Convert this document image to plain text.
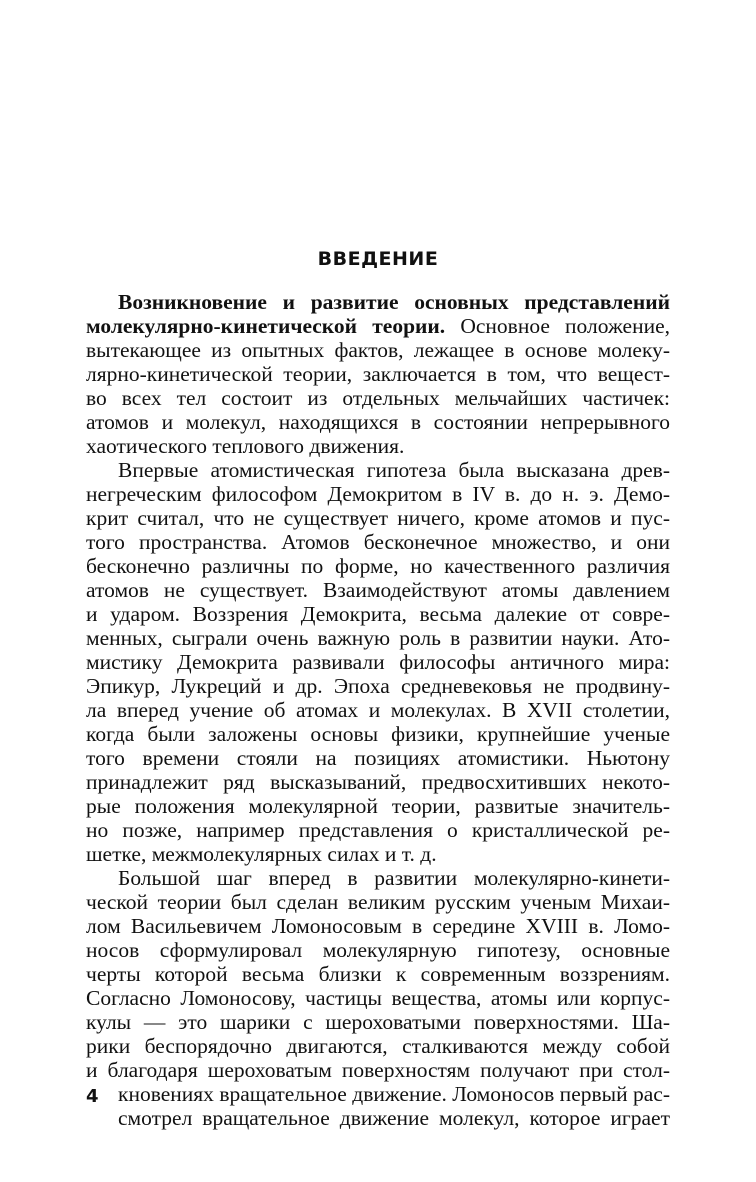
ВВЕДЕНИЕ
Возникновение и развитие основных представлений
молекулярно-кинетической теории. Основное положение,
вытекающее из опытных фактов, лежащее в основе молеку-
лярно-кинетической теории, заключается в том, что вещест-
во всех тел состоит из отдельных мельчайших частичек:
атомов и молекул, находящихся в состоянии непрерывного
хаотического теплового движения.
Впервые атомистическая гипотеза была высказана древ-
негреческим философом Демокритом в IV в. до н. э. Демо-
крит считал, что не существует ничего, кроме атомов и пус-
того пространства. Атомов бесконечное множество, и они
бесконечно различны по форме, но качественного различия
атомов не существует. Взаимодействуют атомы давлением
и ударом. Воззрения Демокрита, весьма далекие от совре-
менных, сыграли очень важную роль в развитии науки. Ато-
мистику Демокрита развивали философы античного мира:
Эпикур, Лукреций и др. Эпоха средневековья не продвину-
ла вперед учение об атомах и молекулах. В XVII столетии,
когда были заложены основы физики, крупнейшие ученые
того времени стояли на позициях атомистики. Ньютону
принадлежит ряд высказываний, предвосхитивших некото-
рые положения молекулярной теории, развитые значитель-
но позже, например представления о кристаллической ре-
шетке, межмолекулярных силах и т. д.
Большой шаг вперед в развитии молекулярно-кинети-
ческой теории был сделан великим русским ученым Михаи-
лом Васильевичем Ломоносовым в середине XVIII в. Ломо-
носов сформулировал молекулярную гипотезу, основные
черты которой весьма близки к современным воззрениям.
Согласно Ломоносову, частицы вещества, атомы или корпус-
кулы — это шарики с шероховатыми поверхностями. Ша-
рики беспорядочно двигаются, сталкиваются между собой
и благодаря шероховатым поверхностям получают при стол-
кновениях вращательное движение. Ломоносов первый рас-
смотрел вращательное движение молекул, которое играет
4
